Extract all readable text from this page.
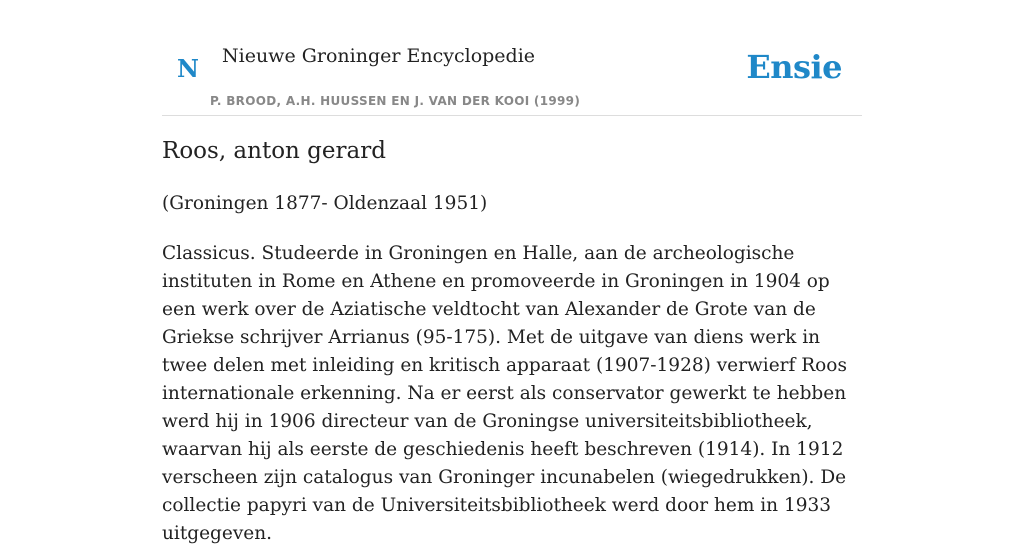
N Nieuwe Groninger Encyclopedie
P. BROOD, A.H. HUUSSEN EN J. VAN DER KOOI (1999)
Ensie
Roos, anton gerard

(Groningen 1877- Oldenzaal 1951)

Classicus. Studeerde in Groningen en Halle, aan de archeologische instituten in Rome en Athene en promoveerde in Groningen in 1904 op een werk over de Aziatische veldtocht van Alexander de Grote van de Griekse schrijver Arrianus (95-175). Met de uitgave van diens werk in twee delen met inleiding en kritisch apparaat (1907-1928) verwierf Roos internationale erkenning. Na er eerst als conservator gewerkt te hebben werd hij in 1906 directeur van de Groningse universiteitsbibliotheek, waarvan hij als eerste de geschiedenis heeft beschreven (1914). In 1912 verscheen zijn catalogus van Groninger incunabelen (wiegedrukken). De collectie papyri van de Universiteitsbibliotheek werd door hem in 1933 uitgegeven.
